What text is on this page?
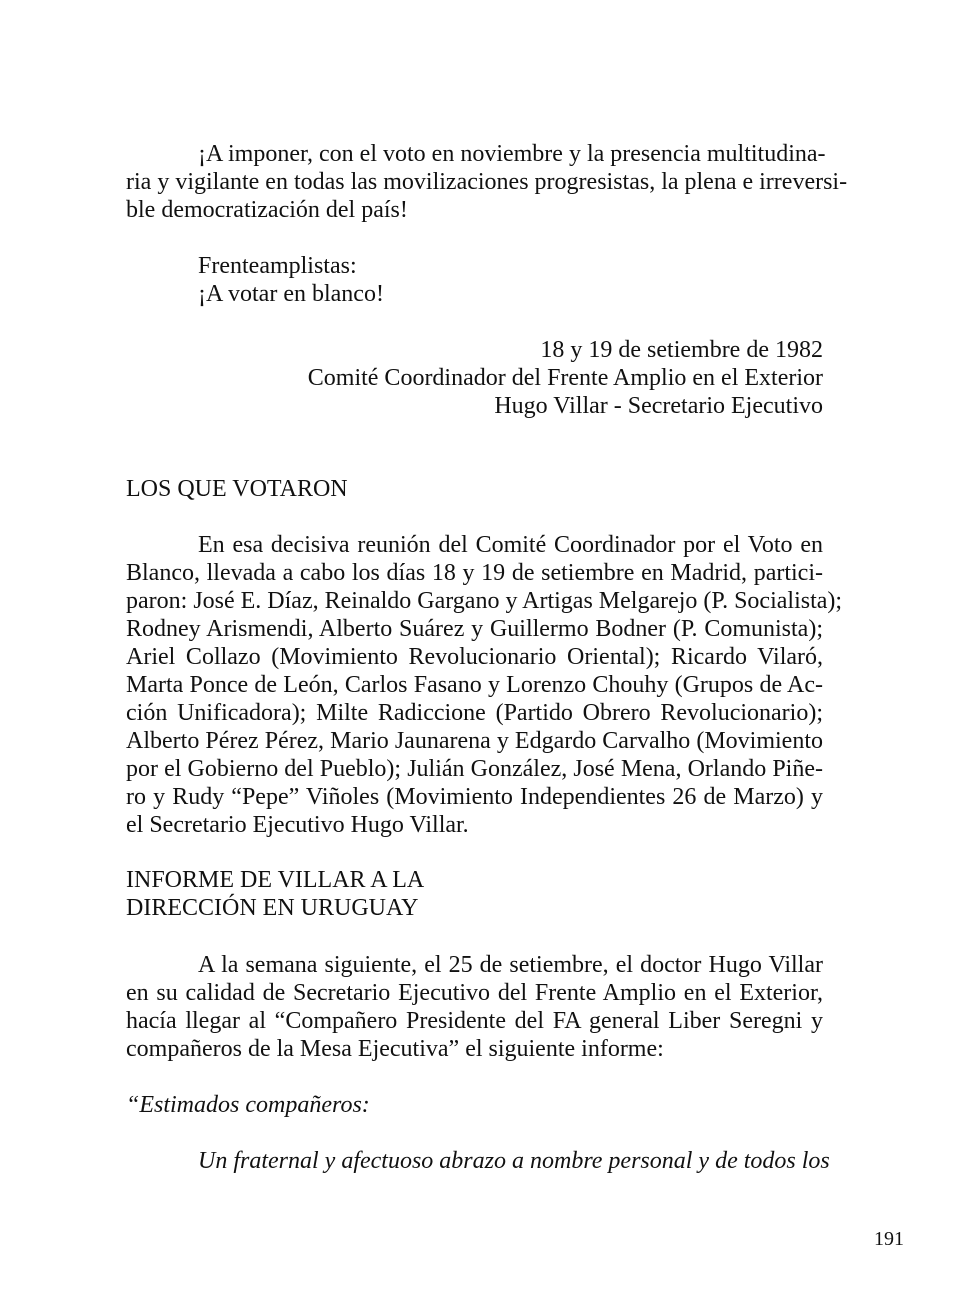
¡A imponer, con el voto en noviembre y la presencia multitudina-
ria y vigilante en todas las movilizaciones progresistas, la plena e irreversi-
ble democratización del país!
Frenteamplistas:
¡A votar en blanco!
18 y 19 de setiembre de 1982
Comité Coordinador del Frente Amplio en el Exterior
Hugo Villar - Secretario Ejecutivo
LOS QUE VOTARON
En esa decisiva reunión del Comité Coordinador por el Voto en
Blanco, llevada a cabo los días 18 y 19 de setiembre en Madrid, partici-
paron: José E. Díaz, Reinaldo Gargano y Artigas Melgarejo (P. Socialista);
Rodney Arismendi, Alberto Suárez y Guillermo Bodner (P. Comunista);
Ariel Collazo (Movimiento Revolucionario Oriental); Ricardo Vilaró,
Marta Ponce de León, Carlos Fasano y Lorenzo Chouhy (Grupos de Ac-
ción Unificadora); Milte Radiccione (Partido Obrero Revolucionario);
Alberto Pérez Pérez, Mario Jaunarena y Edgardo Carvalho (Movimiento
por el Gobierno del Pueblo); Julián González, José Mena, Orlando Piñe-
ro y Rudy “Pepe” Viñoles (Movimiento Independientes 26 de Marzo) y
el Secretario Ejecutivo Hugo Villar.
INFORME DE VILLAR A LA
DIRECCIÓN EN URUGUAY
A la semana siguiente, el 25 de setiembre, el doctor Hugo Villar
en su calidad de Secretario Ejecutivo del Frente Amplio en el Exterior,
hacía llegar al “Compañero Presidente del FA general Liber Seregni y
compañeros de la Mesa Ejecutiva” el siguiente informe:
“Estimados compañeros:
Un fraternal y afectuoso abrazo a nombre personal y de todos los
191
